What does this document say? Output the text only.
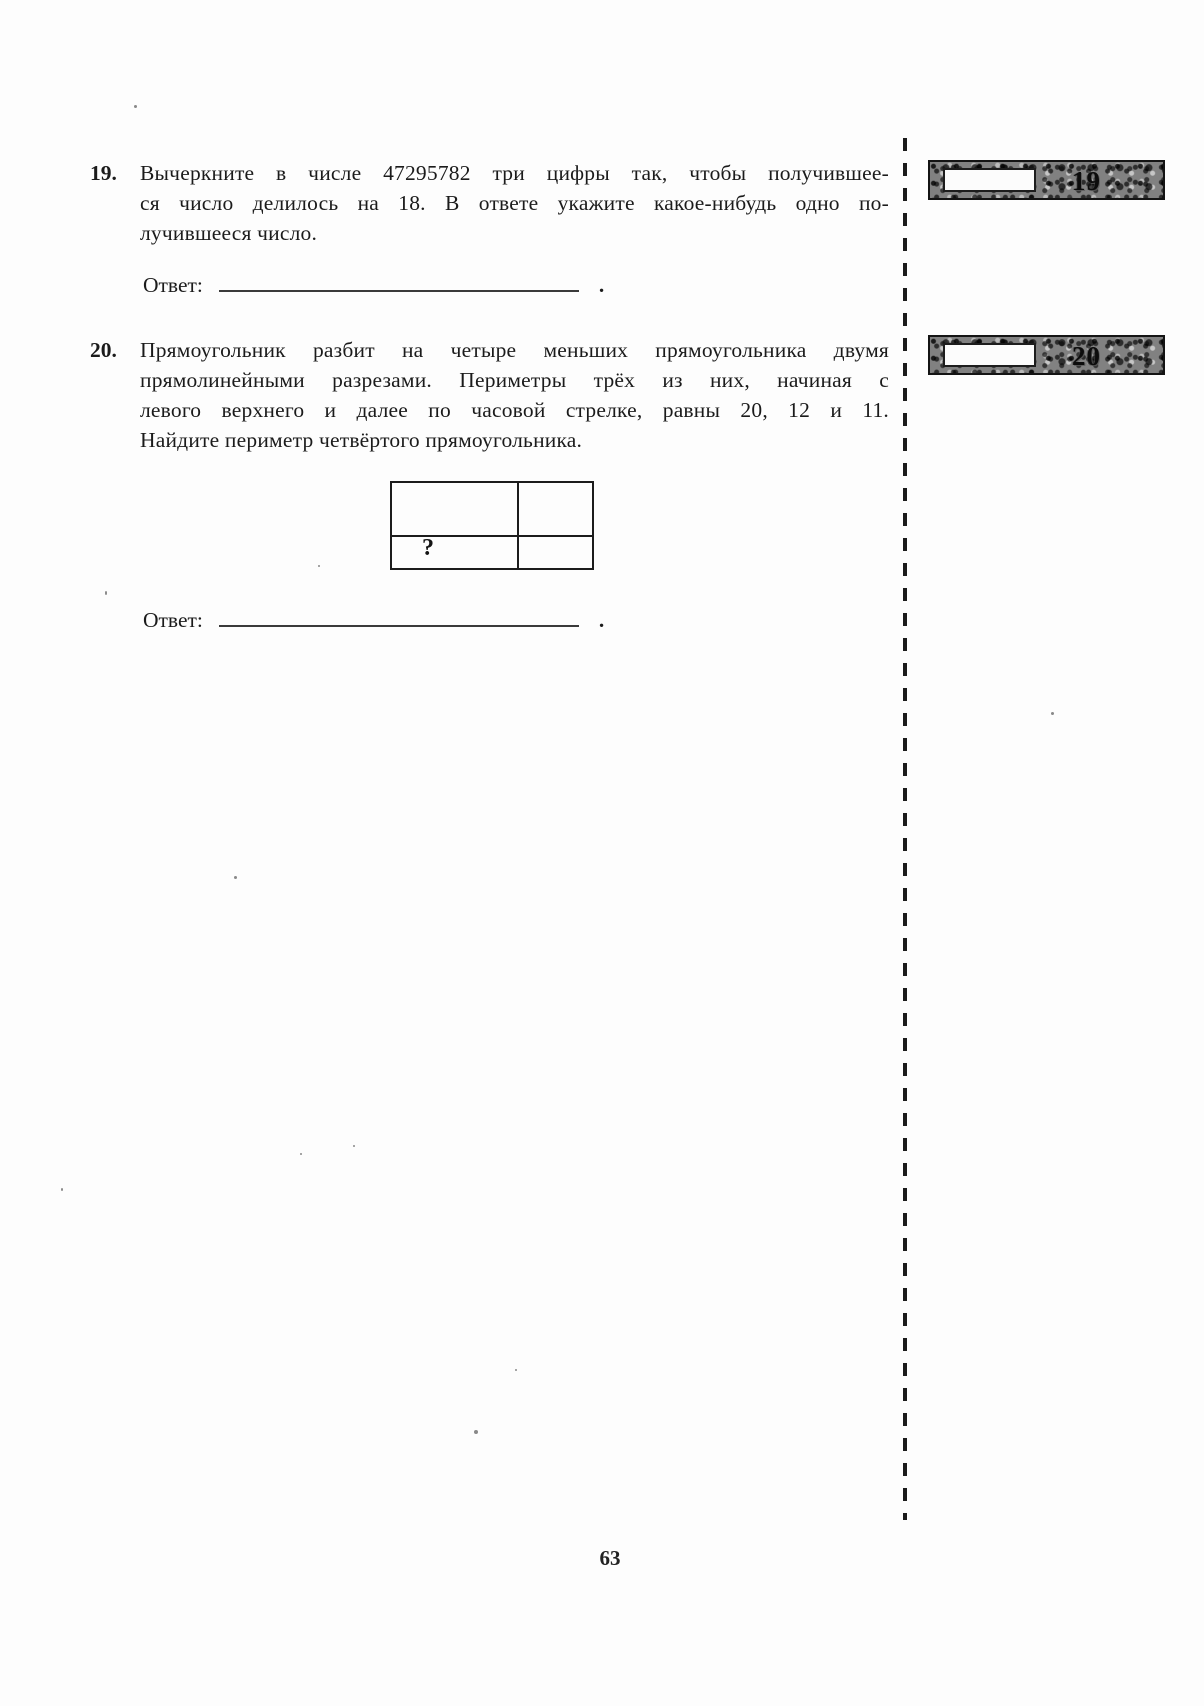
19.	Вычеркните в числе 47295782 три цифры так, чтобы получившее-
ся число делилось на 18. В ответе укажите какое-нибудь одно по-
лучившееся число.
Ответ:	.
20.	Прямоугольник разбит на четыре меньших прямоугольника двумя
прямолинейными разрезами. Периметры трёх из них, начиная с
левого верхнего и далее по часовой стрелке, равны 20, 12 и 11.
Найдите периметр четвёртого прямоугольника.
?
Ответ:	.
19
20
63
